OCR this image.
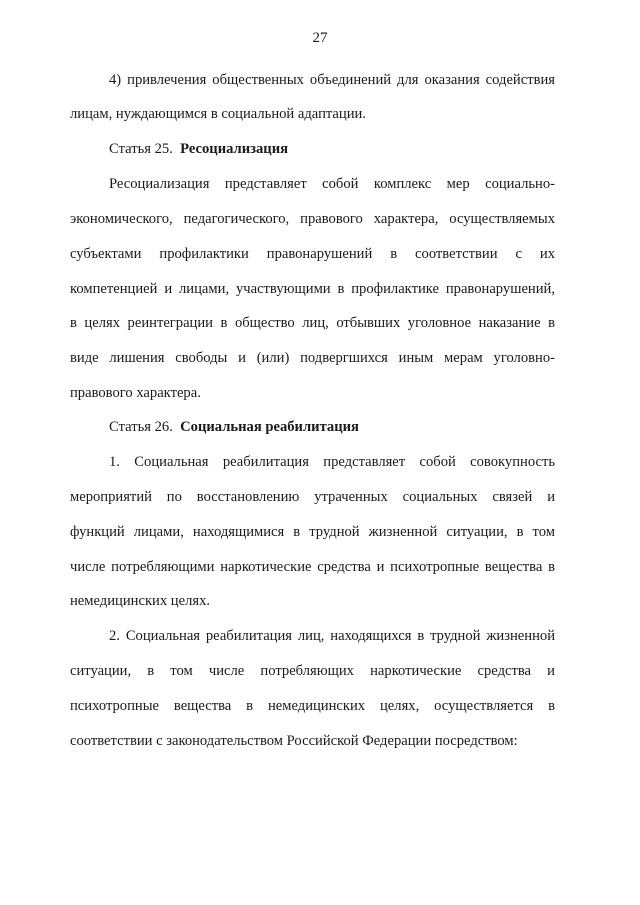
27
4) привлечения общественных объединений для оказания содействия
лицам, нуждающимся в социальной адаптации.
Статья 25. Ресоциализация
Ресоциализация представляет собой комплекс мер социально-
экономического, педагогического, правового характера, осуществляемых
субъектами профилактики правонарушений в соответствии с их
компетенцией и лицами, участвующими в профилактике правонарушений,
в целях реинтеграции в общество лиц, отбывших уголовное наказание в
виде лишения свободы и (или) подвергшихся иным мерам уголовно-
правового характера.
Статья 26. Социальная реабилитация
1. Социальная реабилитация представляет собой совокупность
мероприятий по восстановлению утраченных социальных связей и
функций лицами, находящимися в трудной жизненной ситуации, в том
числе потребляющими наркотические средства и психотропные вещества в
немедицинских целях.
2. Социальная реабилитация лиц, находящихся в трудной жизненной
ситуации, в том числе потребляющих наркотические средства и
психотропные вещества в немедицинских целях, осуществляется в
соответствии с законодательством Российской Федерации посредством:
